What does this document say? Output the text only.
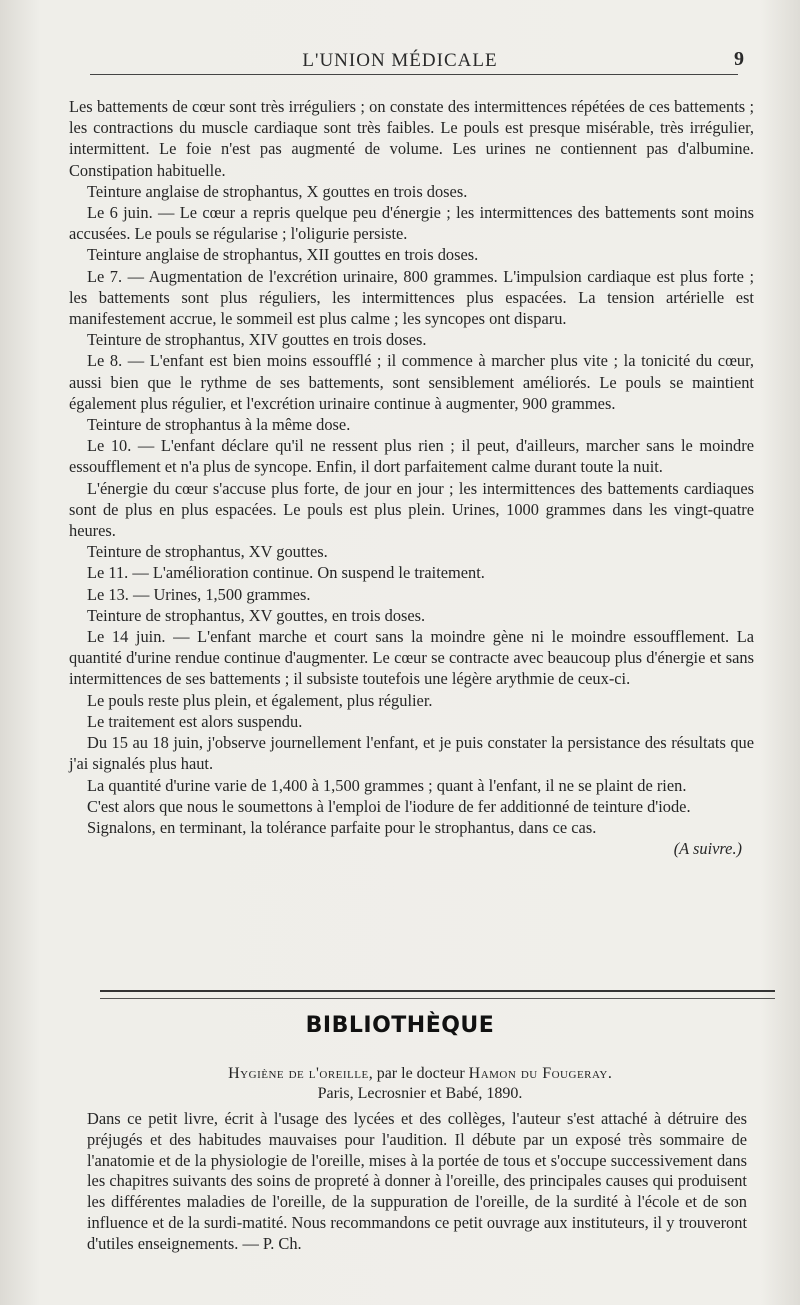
L'UNION MÉDICALE	9

Les battements de cœur sont très irréguliers ; on constate des intermittences répétées de ces battements ; les contractions du muscle cardiaque sont très faibles. Le pouls est presque misérable, très irrégulier, intermittent. Le foie n'est pas augmenté de volume. Les urines ne contiennent pas d'albumine. Constipation habituelle.

Teinture anglaise de strophantus, X gouttes en trois doses.

Le 6 juin. — Le cœur a repris quelque peu d'énergie ; les intermittences des battements sont moins accusées. Le pouls se régularise ; l'oligurie persiste.

Teinture anglaise de strophantus, XII gouttes en trois doses.

Le 7. — Augmentation de l'excrétion urinaire, 800 grammes. L'impulsion cardiaque est plus forte ; les battements sont plus réguliers, les intermittences plus espacées. La tension artérielle est manifestement accrue, le sommeil est plus calme ; les syncopes ont disparu.

Teinture de strophantus, XIV gouttes en trois doses.

Le 8. — L'enfant est bien moins essoufflé ; il commence à marcher plus vite ; la tonicité du cœur, aussi bien que le rythme de ses battements, sont sensiblement améliorés. Le pouls se maintient également plus régulier, et l'excrétion urinaire continue à augmenter, 900 grammes.

Teinture de strophantus à la même dose.

Le 10. — L'enfant déclare qu'il ne ressent plus rien ; il peut, d'ailleurs, marcher sans le moindre essoufflement et n'a plus de syncope. Enfin, il dort parfaitement calme durant toute la nuit.

L'énergie du cœur s'accuse plus forte, de jour en jour ; les intermittences des battements cardiaques sont de plus en plus espacées. Le pouls est plus plein. Urines, 1000 grammes dans les vingt-quatre heures.

Teinture de strophantus, XV gouttes.

Le 11. — L'amélioration continue. On suspend le traitement.

Le 13. — Urines, 1,500 grammes.

Teinture de strophantus, XV gouttes, en trois doses.

Le 14 juin. — L'enfant marche et court sans la moindre gène ni le moindre essoufflement. La quantité d'urine rendue continue d'augmenter. Le cœur se contracte avec beaucoup plus d'énergie et sans intermittences de ses battements ; il subsiste toutefois une légère arythmie de ceux-ci.

Le pouls reste plus plein, et également, plus régulier.

Le traitement est alors suspendu.

Du 15 au 18 juin, j'observe journellement l'enfant, et je puis constater la persistance des résultats que j'ai signalés plus haut.

La quantité d'urine varie de 1,400 à 1,500 grammes ; quant à l'enfant, il ne se plaint de rien.

C'est alors que nous le soumettons à l'emploi de l'iodure de fer additionné de teinture d'iode.

Signalons, en terminant, la tolérance parfaite pour le strophantus, dans ce cas.

(A suivre.)
BIBLIOTHÈQUE
Hygiène de l'oreille, par le docteur Hamon du Fougeray.
Paris, Lecrosnier et Babé, 1890.

Dans ce petit livre, écrit à l'usage des lycées et des collèges, l'auteur s'est attaché à détruire des préjugés et des habitudes mauvaises pour l'audition. Il débute par un exposé très sommaire de l'anatomie et de la physiologie de l'oreille, mises à la portée de tous et s'occupe successivement dans les chapitres suivants des soins de propreté à donner à l'oreille, des principales causes qui produisent les différentes maladies de l'oreille, de la suppuration de l'oreille, de la surdité à l'école et de son influence et de la surdi-matité. Nous recommandons ce petit ouvrage aux instituteurs, il y trouveront d'utiles enseignements. — P. Ch.
